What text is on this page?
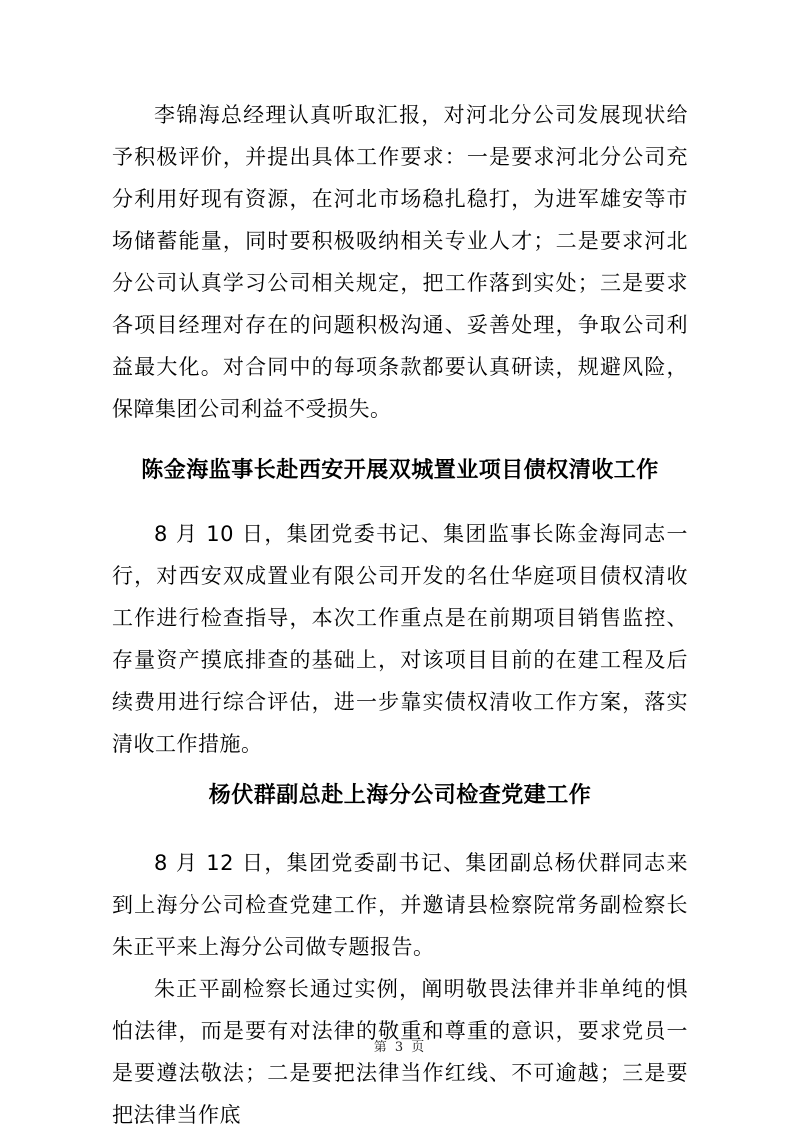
李锦海总经理认真听取汇报，对河北分公司发展现状给予积极评价，并提出具体工作要求：一是要求河北分公司充分利用好现有资源，在河北市场稳扎稳打，为进军雄安等市场储蓄能量，同时要积极吸纳相关专业人才；二是要求河北分公司认真学习公司相关规定，把工作落到实处；三是要求各项目经理对存在的问题积极沟通、妥善处理，争取公司利益最大化。对合同中的每项条款都要认真研读，规避风险，保障集团公司利益不受损失。

陈金海监事长赴西安开展双城置业项目债权清收工作

8 月 10 日，集团党委书记、集团监事长陈金海同志一行，对西安双成置业有限公司开发的名仕华庭项目债权清收工作进行检查指导，本次工作重点是在前期项目销售监控、存量资产摸底排查的基础上，对该项目目前的在建工程及后续费用进行综合评估，进一步靠实债权清收工作方案，落实清收工作措施。

杨伏群副总赴上海分公司检查党建工作

8 月 12 日，集团党委副书记、集团副总杨伏群同志来到上海分公司检查党建工作，并邀请县检察院常务副检察长朱正平来上海分公司做专题报告。

朱正平副检察长通过实例，阐明敬畏法律并非单纯的惧怕法律，而是要有对法律的敬重和尊重的意识，要求党员一是要遵法敬法；二是要把法律当作红线、不可逾越；三是要把法律当作底

第 3 页
